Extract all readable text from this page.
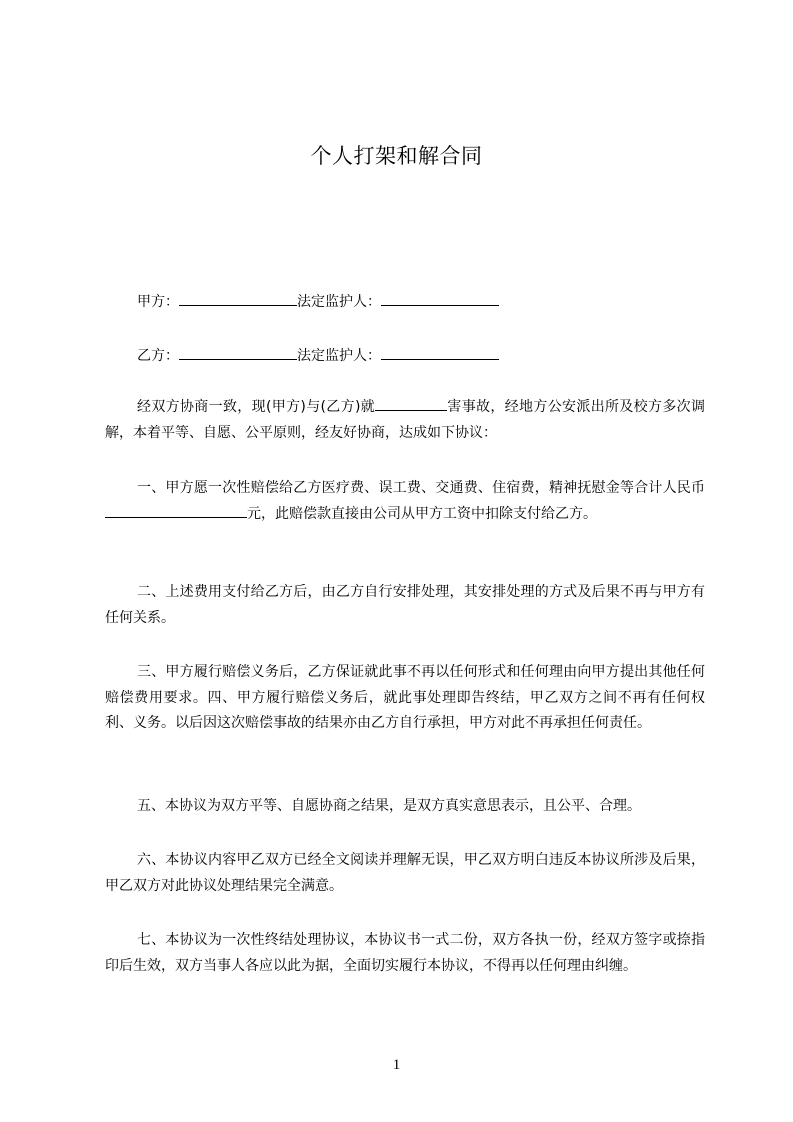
个人打架和解合同
甲方：	法定监护人：
乙方：	法定监护人：

经双方协商一致，现(甲方)与(乙方)就	害事故，经地方公安派出所及校方多次调解，本着平等、自愿、公平原则，经友好协商，达成如下协议：

一、甲方愿一次性赔偿给乙方医疗费、误工费、交通费、住宿费，精神抚慰金等合计人民币元，此赔偿款直接由公司从甲方工资中扣除支付给乙方。

二、上述费用支付给乙方后，由乙方自行安排处理，其安排处理的方式及后果不再与甲方有任何关系。

三、甲方履行赔偿义务后，乙方保证就此事不再以任何形式和任何理由向甲方提出其他任何赔偿费用要求。四、甲方履行赔偿义务后，就此事处理即告终结，甲乙双方之间不再有任何权利、义务。以后因这次赔偿事故的结果亦由乙方自行承担，甲方对此不再承担任何责任。

五、本协议为双方平等、自愿协商之结果，是双方真实意思表示，且公平、合理。

六、本协议内容甲乙双方已经全文阅读并理解无误，甲乙双方明白违反本协议所涉及后果，甲乙双方对此协议处理结果完全满意。

七、本协议为一次性终结处理协议，本协议书一式二份，双方各执一份，经双方签字或捺指印后生效，双方当事人各应以此为据，全面切实履行本协议，不得再以任何理由纠缠。

1
